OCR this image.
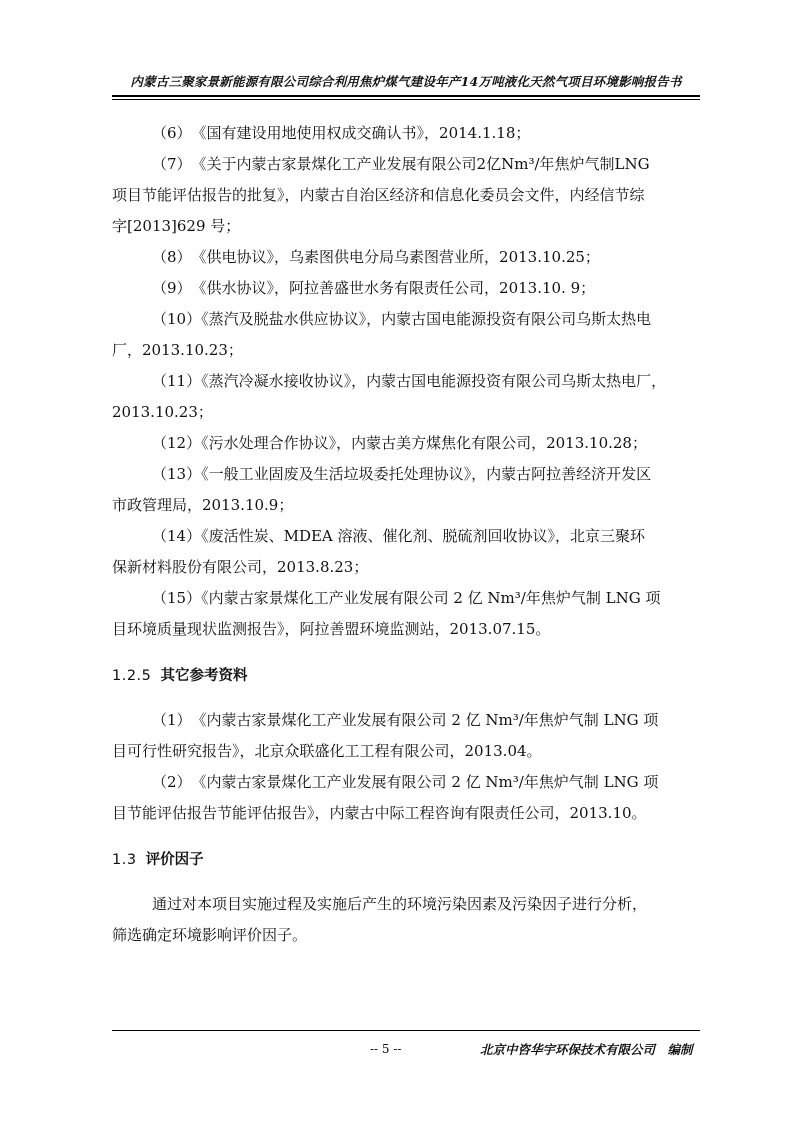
内蒙古三聚家景新能源有限公司综合利用焦炉煤气建设年产14万吨液化天然气项目环境影响报告书

（6）　《国有建设用地使用权成交确认书》，2014.1.18；

（7）　《关于内蒙古家景煤化工产业发展有限公司2亿Nm³/年焦炉气制LNG

项目节能评估报告的批复》，内蒙古自治区经济和信息化委员会文件，内经信节综

字[2013]629 号；

（8）　《供电协议》，乌素图供电分局乌素图营业所，2013.10.25；

（9）　《供水协议》，阿拉善盛世水务有限责任公司，2013.10. 9；

（10）《蒸汽及脱盐水供应协议》，内蒙古国电能源投资有限公司乌斯太热电

厂，2013.10.23；

（11）《蒸汽冷凝水接收协议》，内蒙古国电能源投资有限公司乌斯太热电厂，

2013.10.23；

（12）《污水处理合作协议》，内蒙古美方煤焦化有限公司，2013.10.28；

（13）《一般工业固废及生活垃圾委托处理协议》，内蒙古阿拉善经济开发区

市政管理局，2013.10.9；

（14）《废活性炭、MDEA 溶液、催化剂、脱硫剂回收协议》，北京三聚环

保新材料股份有限公司，2013.8.23；

（15）《内蒙古家景煤化工产业发展有限公司 2 亿 Nm³/年焦炉气制 LNG 项

目环境质量现状监测报告》，阿拉善盟环境监测站，2013.07.15。

1.2.5 其它参考资料

（1）　《内蒙古家景煤化工产业发展有限公司 2 亿 Nm³/年焦炉气制 LNG 项

目可行性研究报告》，北京众联盛化工工程有限公司，2013.04。

（2）　《内蒙古家景煤化工产业发展有限公司 2 亿 Nm³/年焦炉气制 LNG 项

目节能评估报告节能评估报告》，内蒙古中际工程咨询有限责任公司，2013.10。

1.3 评价因子

通过对本项目实施过程及实施后产生的环境污染因素及污染因子进行分析，

筛选确定环境影响评价因子。

-- 5 --	北京中咨华宇环保技术有限公司　编制
